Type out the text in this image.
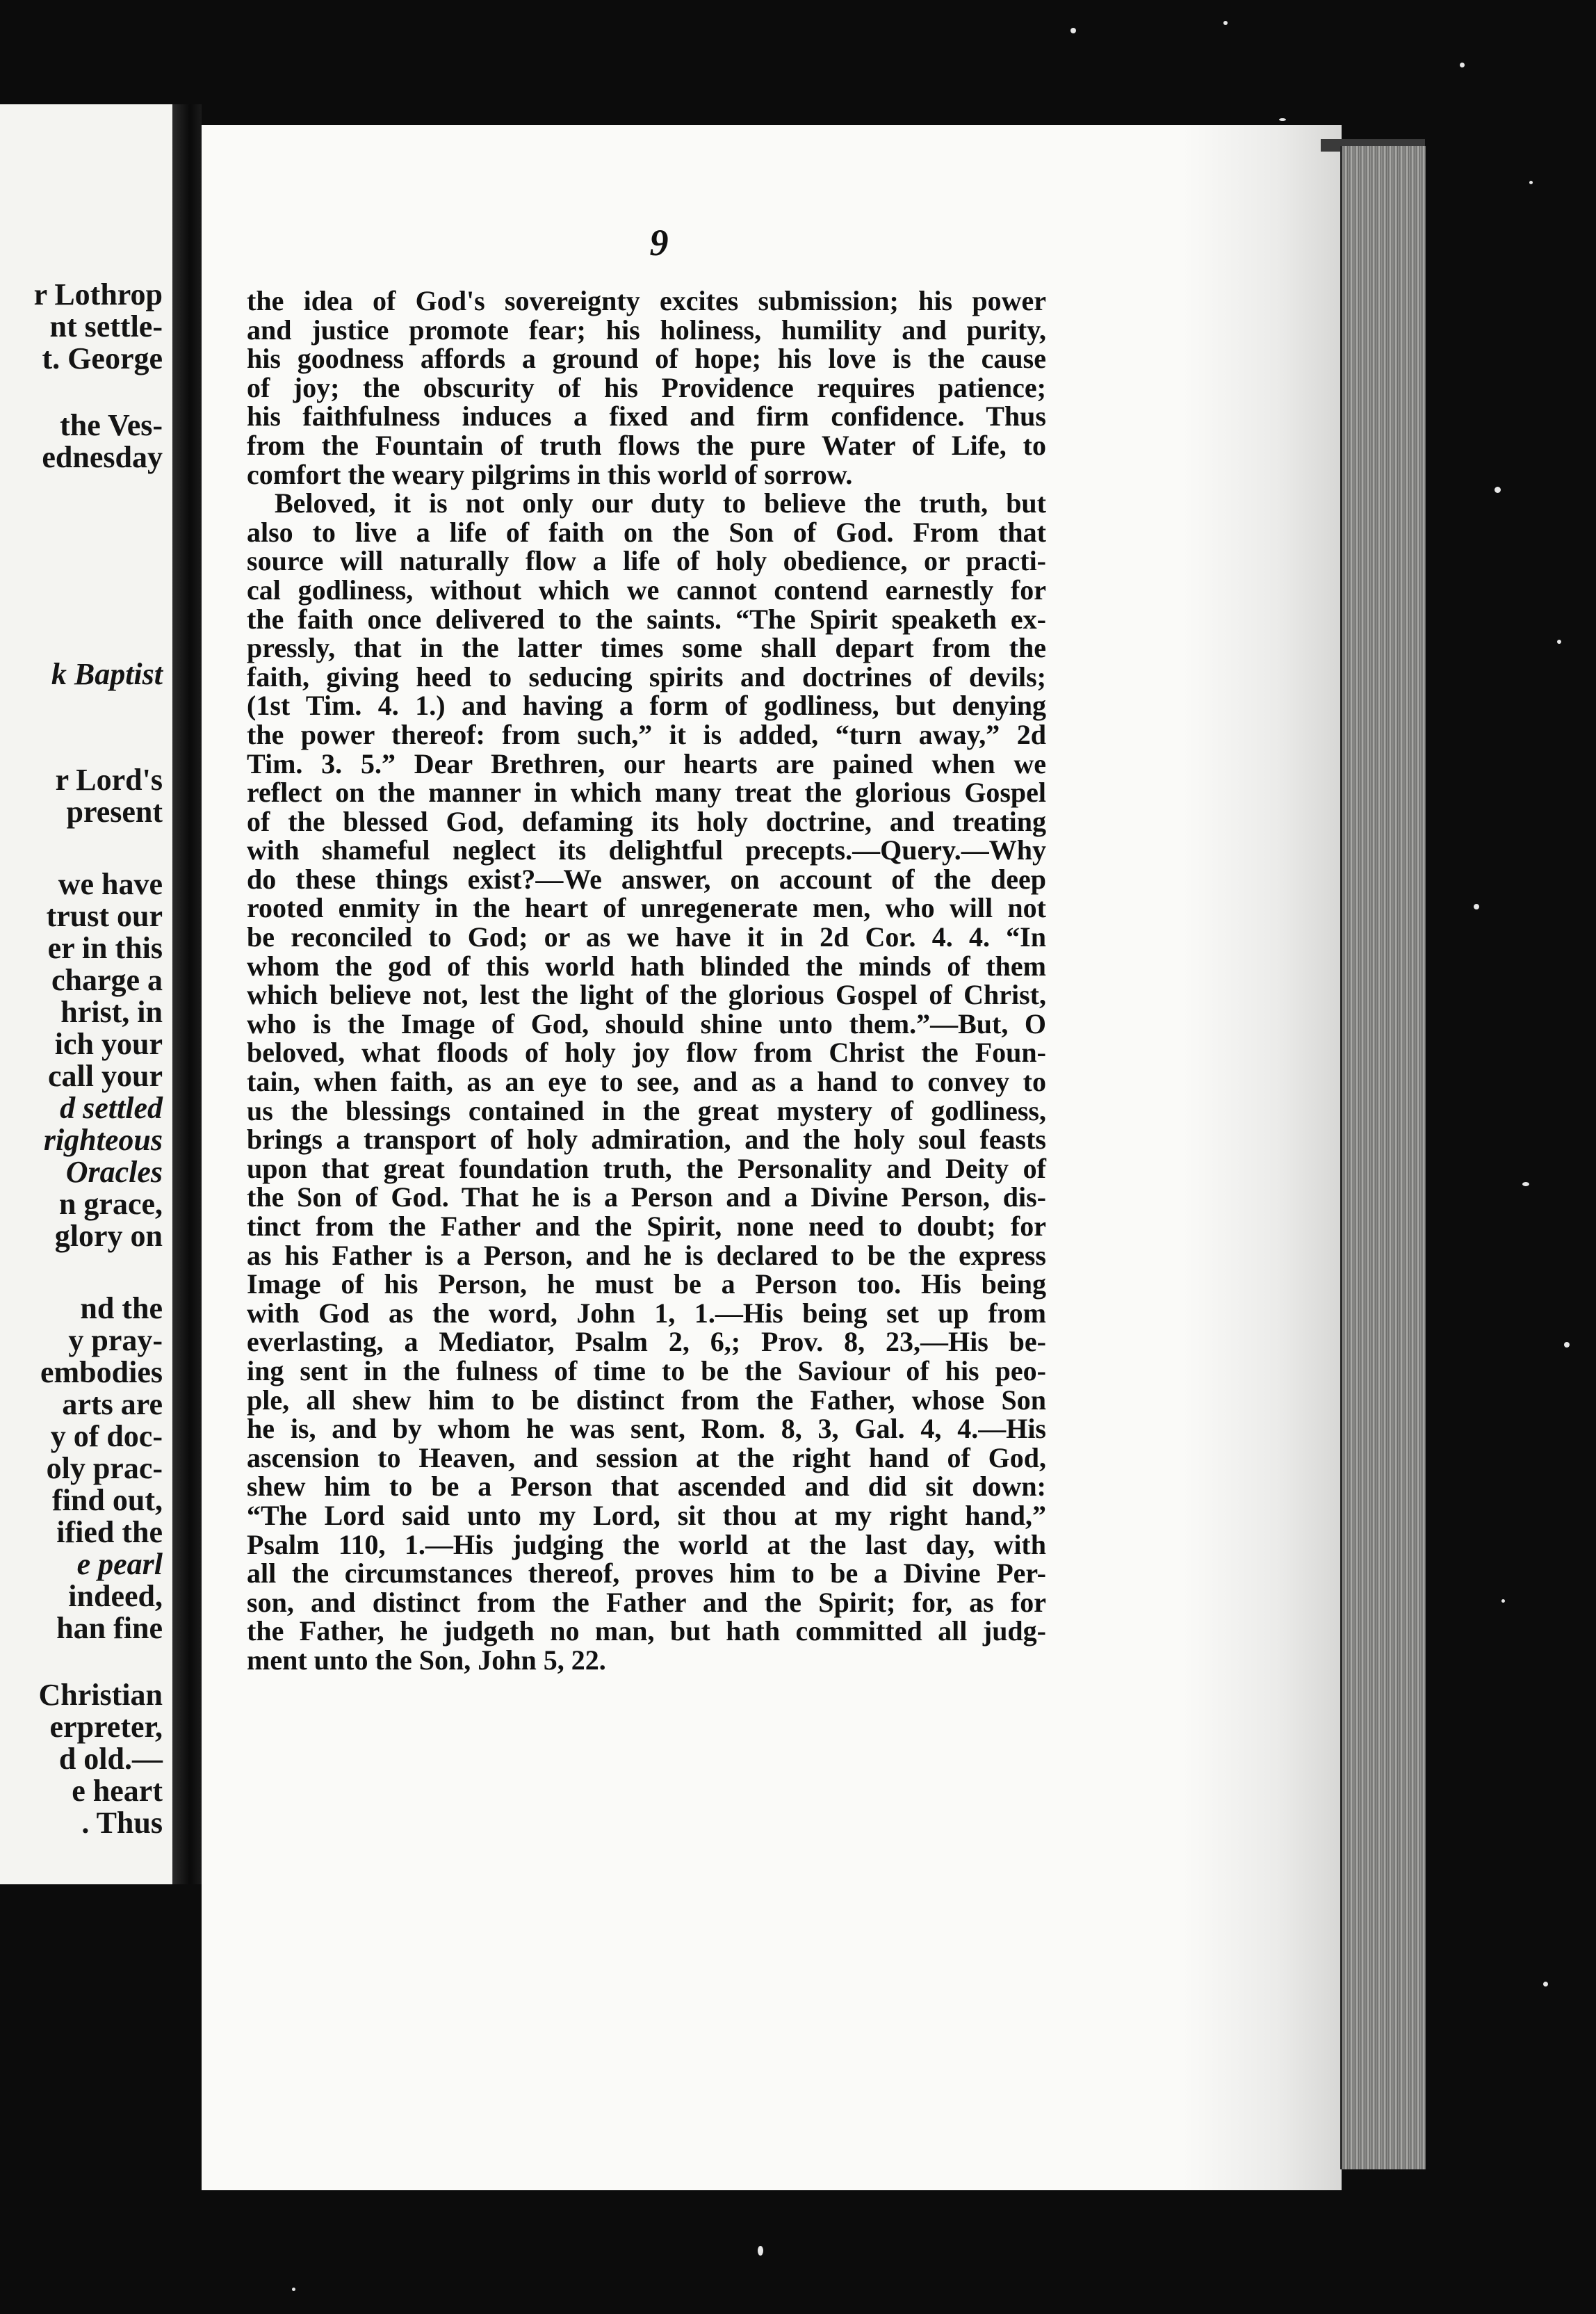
r Lothrop
nt settle-
t. George
the Ves-
ednesday
k Baptist
r Lord's
present
we have
trust our
er in this
charge a
hrist, in
ich your
call your
d settled
righteous
Oracles
n grace,
glory on
nd the
y pray-
embodies
arts are
y of doc-
oly prac-
find out,
ified the
e pearl
indeed,
han fine
Christian
erpreter,
d old.—
e heart
. Thus
9
the idea of God's sovereignty excites submission; his power
and justice promote fear; his holiness, humility and purity,
his goodness affords a ground of hope; his love is the cause
of joy; the obscurity of his Providence requires patience;
his faithfulness induces a fixed and firm confidence. Thus
from the Fountain of truth flows the pure Water of Life, to
comfort the weary pilgrims in this world of sorrow.
Beloved, it is not only our duty to believe the truth, but
also to live a life of faith on the Son of God. From that
source will naturally flow a life of holy obedience, or practi-
cal godliness, without which we cannot contend earnestly for
the faith once delivered to the saints. “The Spirit speaketh ex-
pressly, that in the latter times some shall depart from the
faith, giving heed to seducing spirits and doctrines of devils;
(1st Tim. 4. 1.) and having a form of godliness, but denying
the power thereof: from such,” it is added, “turn away,” 2d
Tim. 3. 5.” Dear Brethren, our hearts are pained when we
reflect on the manner in which many treat the glorious Gospel
of the blessed God, defaming its holy doctrine, and treating
with shameful neglect its delightful precepts.—Query.—Why
do these things exist?—We answer, on account of the deep
rooted enmity in the heart of unregenerate men, who will not
be reconciled to God; or as we have it in 2d Cor. 4. 4. “In
whom the god of this world hath blinded the minds of them
which believe not, lest the light of the glorious Gospel of Christ,
who is the Image of God, should shine unto them.”—But, O
beloved, what floods of holy joy flow from Christ the Foun-
tain, when faith, as an eye to see, and as a hand to convey to
us the blessings contained in the great mystery of godliness,
brings a transport of holy admiration, and the holy soul feasts
upon that great foundation truth, the Personality and Deity of
the Son of God. That he is a Person and a Divine Person, dis-
tinct from the Father and the Spirit, none need to doubt; for
as his Father is a Person, and he is declared to be the express
Image of his Person, he must be a Person too. His being
with God as the word, John 1, 1.—His being set up from
everlasting, a Mediator, Psalm 2, 6,; Prov. 8, 23,—His be-
ing sent in the fulness of time to be the Saviour of his peo-
ple, all shew him to be distinct from the Father, whose Son
he is, and by whom he was sent, Rom. 8, 3, Gal. 4, 4.—His
ascension to Heaven, and session at the right hand of God,
shew him to be a Person that ascended and did sit down:
“The Lord said unto my Lord, sit thou at my right hand,”
Psalm 110, 1.—His judging the world at the last day, with
all the circumstances thereof, proves him to be a Divine Per-
son, and distinct from the Father and the Spirit; for, as for
the Father, he judgeth no man, but hath committed all judg-
ment unto the Son, John 5, 22.
